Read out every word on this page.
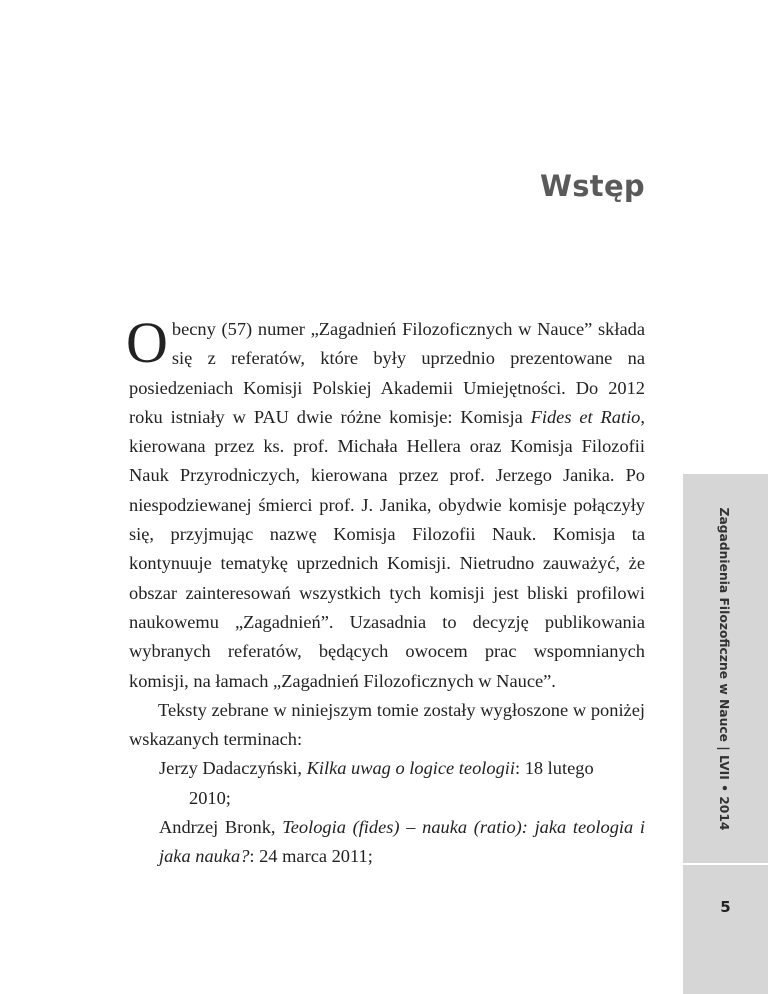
Wstęp

Obecny (57) numer „Zagadnień Filozoficznych w Nauce” składa się z referatów, które były uprzednio prezentowane na posiedzeniach Komisji Polskiej Akademii Umiejętności. Do 2012 roku istniały w PAU dwie różne komisje: Komisja Fides et Ratio, kierowana przez ks. prof. Michała Hellera oraz Komisja Filozofii Nauk Przyrodniczych, kierowana przez prof. Jerzego Janika. Po niespodziewanej śmierci prof. J. Janika, obydwie komisje połączyły się, przyjmując nazwę Komisja Filozofii Nauk. Komisja ta kontynuuje tematykę uprzednich Komisji. Nietrudno zauważyć, że obszar zainteresowań wszystkich tych komisji jest bliski profilowi naukowemu „Zagadnień”. Uzasadnia to decyzję publikowania wybranych referatów, będących owocem prac wspomnianych komisji, na łamach „Zagadnień Filozoficznych w Nauce”.

Teksty zebrane w niniejszym tomie zostały wygłoszone w poniżej wskazanych terminach:

Jerzy Dadaczyński, Kilka uwag o logice teologii: 18 lutego
2010;

Andrzej Bronk, Teologia (fides) – nauka (ratio): jaka teologia i jaka nauka?: 24 marca 2011;

Zagadnienia Filozoficzne w Nauce | LVII • 2014
5
